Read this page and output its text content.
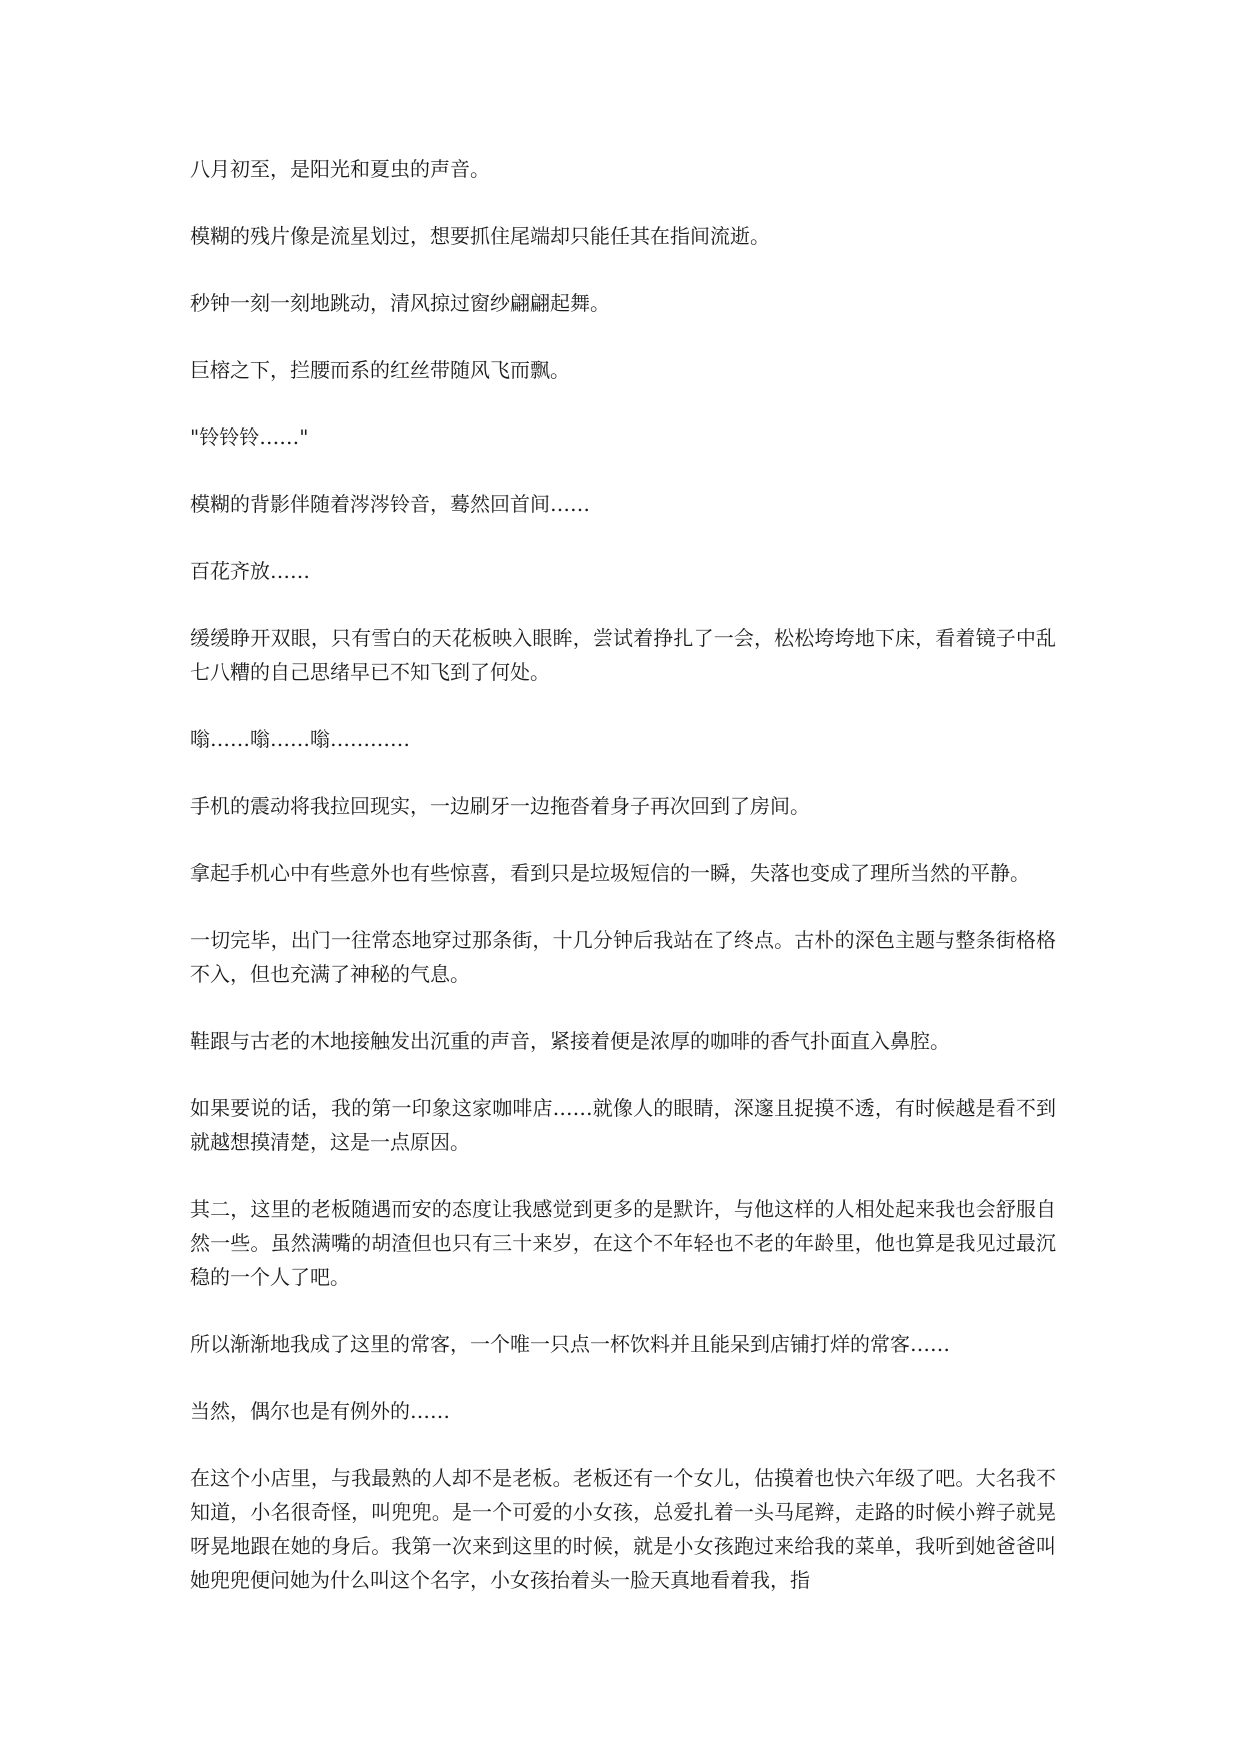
八月初至，是阳光和夏虫的声音。

模糊的残片像是流星划过，想要抓住尾端却只能任其在指间流逝。

秒钟一刻一刻地跳动，清风掠过窗纱翩翩起舞。

巨榕之下，拦腰而系的红丝带随风飞而飘。

"铃铃铃……"

模糊的背影伴随着涔涔铃音，蓦然回首间……

百花齐放……

缓缓睁开双眼，只有雪白的天花板映入眼眸，尝试着挣扎了一会，松松垮垮地下床，看着镜子中乱七八糟的自己思绪早已不知飞到了何处。

嗡……嗡……嗡…………

手机的震动将我拉回现实，一边刷牙一边拖沓着身子再次回到了房间。

拿起手机心中有些意外也有些惊喜，看到只是垃圾短信的一瞬，失落也变成了理所当然的平静。

一切完毕，出门一往常态地穿过那条街，十几分钟后我站在了终点。古朴的深色主题与整条街格格不入，但也充满了神秘的气息。

鞋跟与古老的木地接触发出沉重的声音，紧接着便是浓厚的咖啡的香气扑面直入鼻腔。

如果要说的话，我的第一印象这家咖啡店……就像人的眼睛，深邃且捉摸不透，有时候越是看不到就越想摸清楚，这是一点原因。

其二，这里的老板随遇而安的态度让我感觉到更多的是默许，与他这样的人相处起来我也会舒服自然一些。虽然满嘴的胡渣但也只有三十来岁，在这个不年轻也不老的年龄里，他也算是我见过最沉稳的一个人了吧。

所以渐渐地我成了这里的常客，一个唯一只点一杯饮料并且能呆到店铺打烊的常客……

当然，偶尔也是有例外的……

在这个小店里，与我最熟的人却不是老板。老板还有一个女儿，估摸着也快六年级了吧。大名我不知道，小名很奇怪，叫兜兜。是一个可爱的小女孩，总爱扎着一头马尾辫，走路的时候小辫子就晃呀晃地跟在她的身后。我第一次来到这里的时候，就是小女孩跑过来给我的菜单，我听到她爸爸叫她兜兜便问她为什么叫这个名字，小女孩抬着头一脸天真地看着我，指
